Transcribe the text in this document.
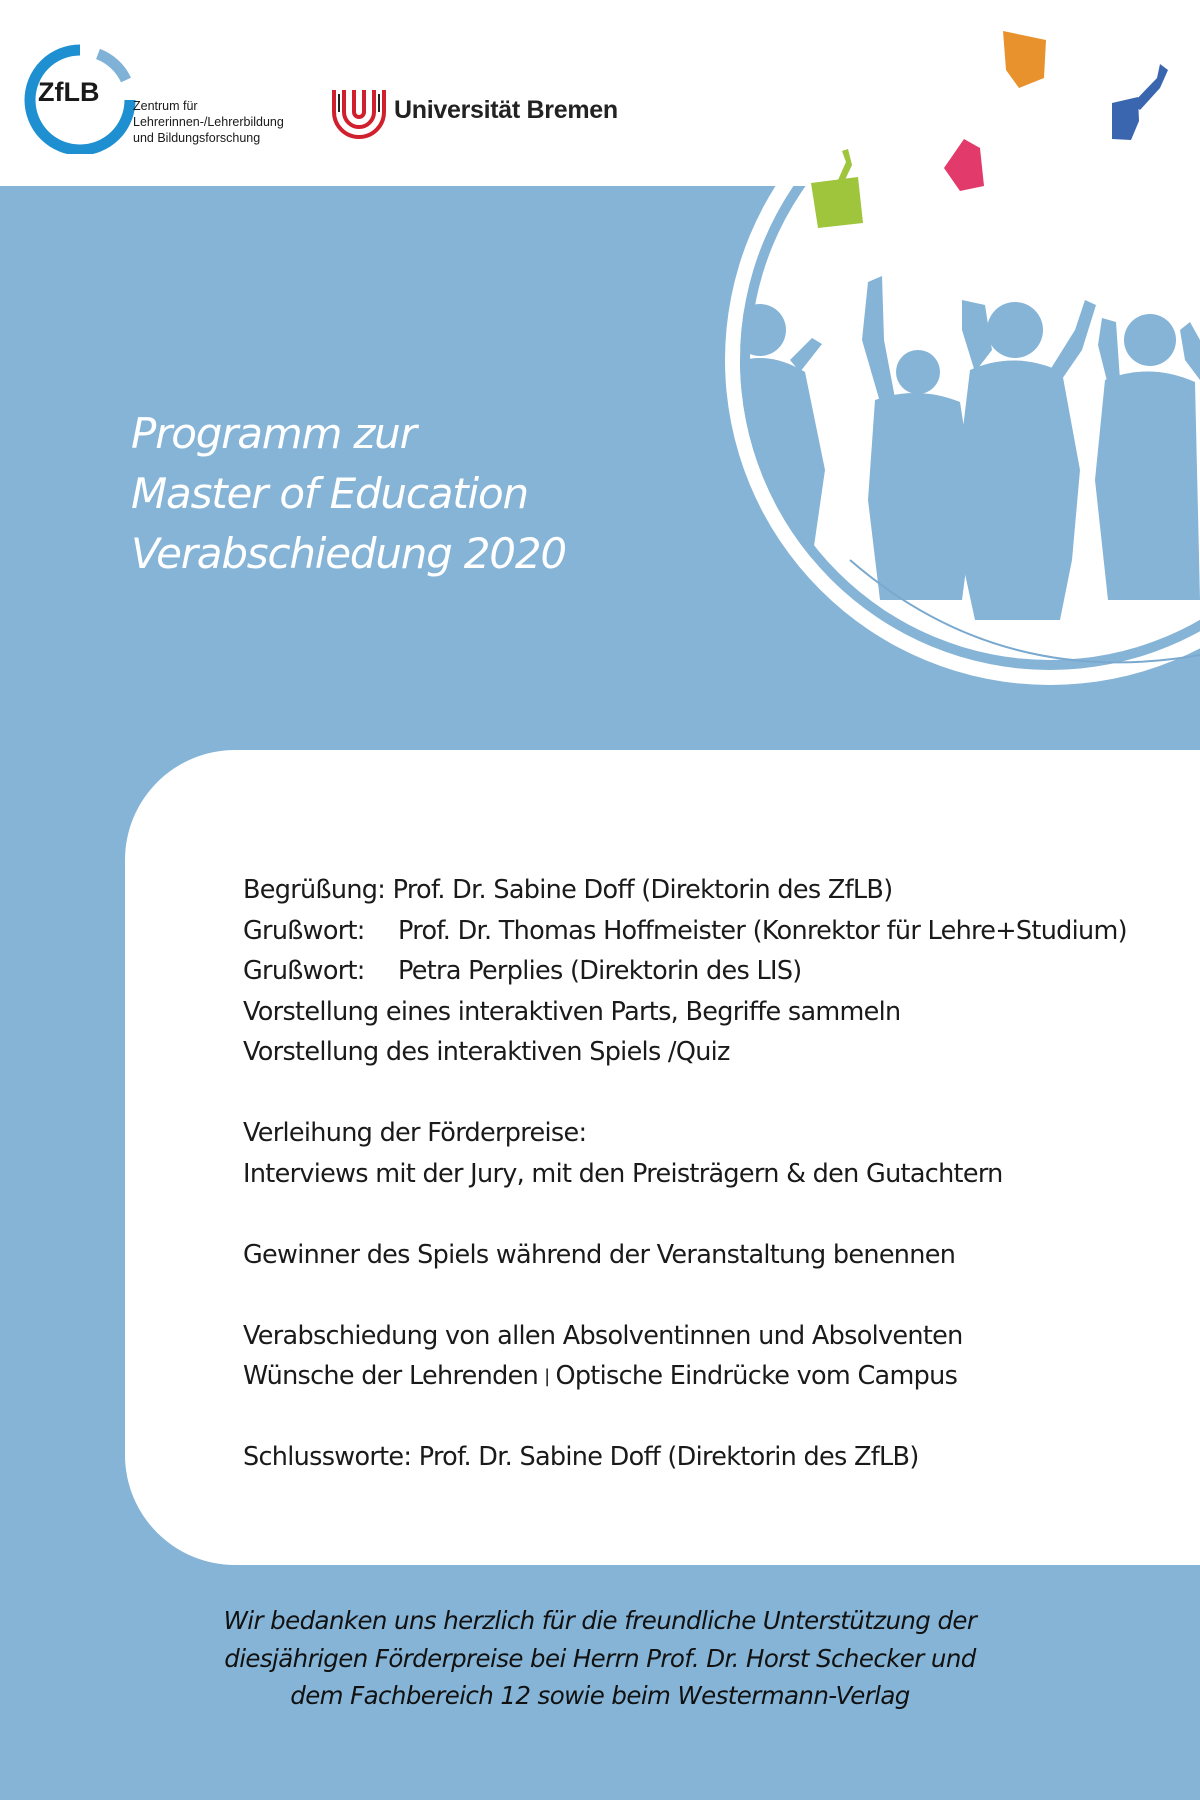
ZfLB	Zentrum für
Lehrerinnen-/Lehrerbildung
und Bildungsforschung
Universität Bremen
Programm zur
Master of Education
Verabschiedung 2020
Begrüßung: Prof. Dr. Sabine Doff (Direktorin des ZfLB)
Grußwort: Prof. Dr. Thomas Hoffmeister (Konrektor für Lehre+Studium)
Grußwort: Petra Perplies (Direktorin des LIS)
Vorstellung eines interaktiven Parts, Begriffe sammeln
Vorstellung des interaktiven Spiels /Quiz
Verleihung der Förderpreise:
Interviews mit der Jury, mit den Preisträgern & den Gutachtern
Gewinner des Spiels während der Veranstaltung benennen
Verabschiedung von allen Absolventinnen und Absolventen
Wünsche der Lehrenden | Optische Eindrücke vom Campus
Schlussworte: Prof. Dr. Sabine Doff (Direktorin des ZfLB)
Wir bedanken uns herzlich für die freundliche Unterstützung der
diesjährigen Förderpreise bei Herrn Prof. Dr. Horst Schecker und
dem Fachbereich 12 sowie beim Westermann-Verlag
